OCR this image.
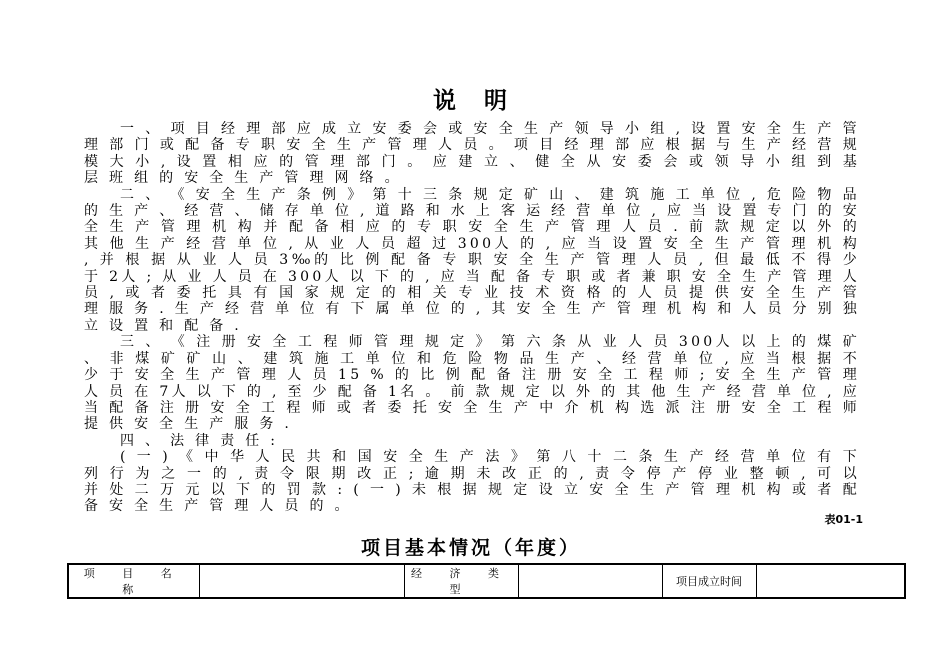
说 明

一 、 项 目 经 理 部 应 成 立 安 委 会 或 安 全 生 产 领 导 小 组 , 设 置 安 全 生 产 管 理 部 门 或 配 备 专 职 安 全 生 产 管 理 人 员 。 项 目 经 理 部 应 根 据 与 生 产 经 营 规 模 大 小 , 设 置 相 应 的 管 理 部 门 。 应 建 立 、 健 全 从 安 委 会 或 领 导 小 组 到 基 层 班 组 的 安 全 生 产 管 理 网 络 。

二 、 《 安 全 生 产 条 例 》 第 十 三 条 规 定 矿 山 、 建 筑 施 工 单 位 , 危 险 物 品 的 生 产 、 经 营 、 储 存 单 位 , 道 路 和 水 上 客 运 经 营 单 位 , 应 当 设 置 专 门 的 安 全 生 产 管 理 机 构 并 配 备 相 应 的 专 职 安 全 生 产 管 理 人 员 . 前 款 规 定 以 外 的 其 他 生 产 经 营 单 位 , 从 业 人 员 超 过 300人 的 , 应 当 设 置 安 全 生 产 管 理 机 构 , 并 根 据 从 业 人 员 3‰的 比 例 配 备 专 职 安 全 生 产 管 理 人 员 , 但 最 低 不 得 少 于 2人 ; 从 业 人 员 在 300人 以 下 的 , 应 当 配 备 专 职 或 者 兼 职 安 全 生 产 管 理 人 员 , 或 者 委 托 具 有 国 家 规 定 的 相 关 专 业 技 术 资 格 的 人 员 提 供 安 全 生 产 管 理 服 务 . 生 产 经 营 单 位 有 下 属 单 位 的 , 其 安 全 生 产 管 理 机 构 和 人 员 分 别 独 立 设 置 和 配 备 .

三 、 《 注 册 安 全 工 程 师 管 理 规 定 》 第 六 条 从 业 人 员 300人 以 上 的 煤 矿 、 非 煤 矿 矿 山 、 建 筑 施 工 单 位 和 危 险 物 品 生 产 、 经 营 单 位 , 应 当 根 据 不 少 于 安 全 生 产 管 理 人 员 15 % 的 比 例 配 备 注 册 安 全 工 程 师 ; 安 全 生 产 管 理 人 员 在 7人 以 下 的 , 至 少 配 备 1名 。 前 款 规 定 以 外 的 其 他 生 产 经 营 单 位 , 应 当 配 备 注 册 安 全 工 程 师 或 者 委 托 安 全 生 产 中 介 机 构 选 派 注 册 安 全 工 程 师 提 供 安 全 生 产 服 务 .

四 、 法 律 责 任 :

( 一 ) 《 中 华 人 民 共 和 国 安 全 生 产 法 》 第 八 十 二 条 生 产 经 营 单 位 有 下 列 行 为 之 一 的 , 责 令 限 期 改 正 ; 逾 期 未 改 正 的 , 责 令 停 产 停 业 整 顿 , 可 以 并 处 二 万 元 以 下 的 罚 款 : ( 一 ) 未 根 据 规 定 设 立 安 全 生 产 管 理 机 构 或 者 配 备 安 全 生 产 管 理 人 员 的 。

表01-1
项目基本情况（年度）
项 目 名 称		经 济 类 型		项目成立时间	
